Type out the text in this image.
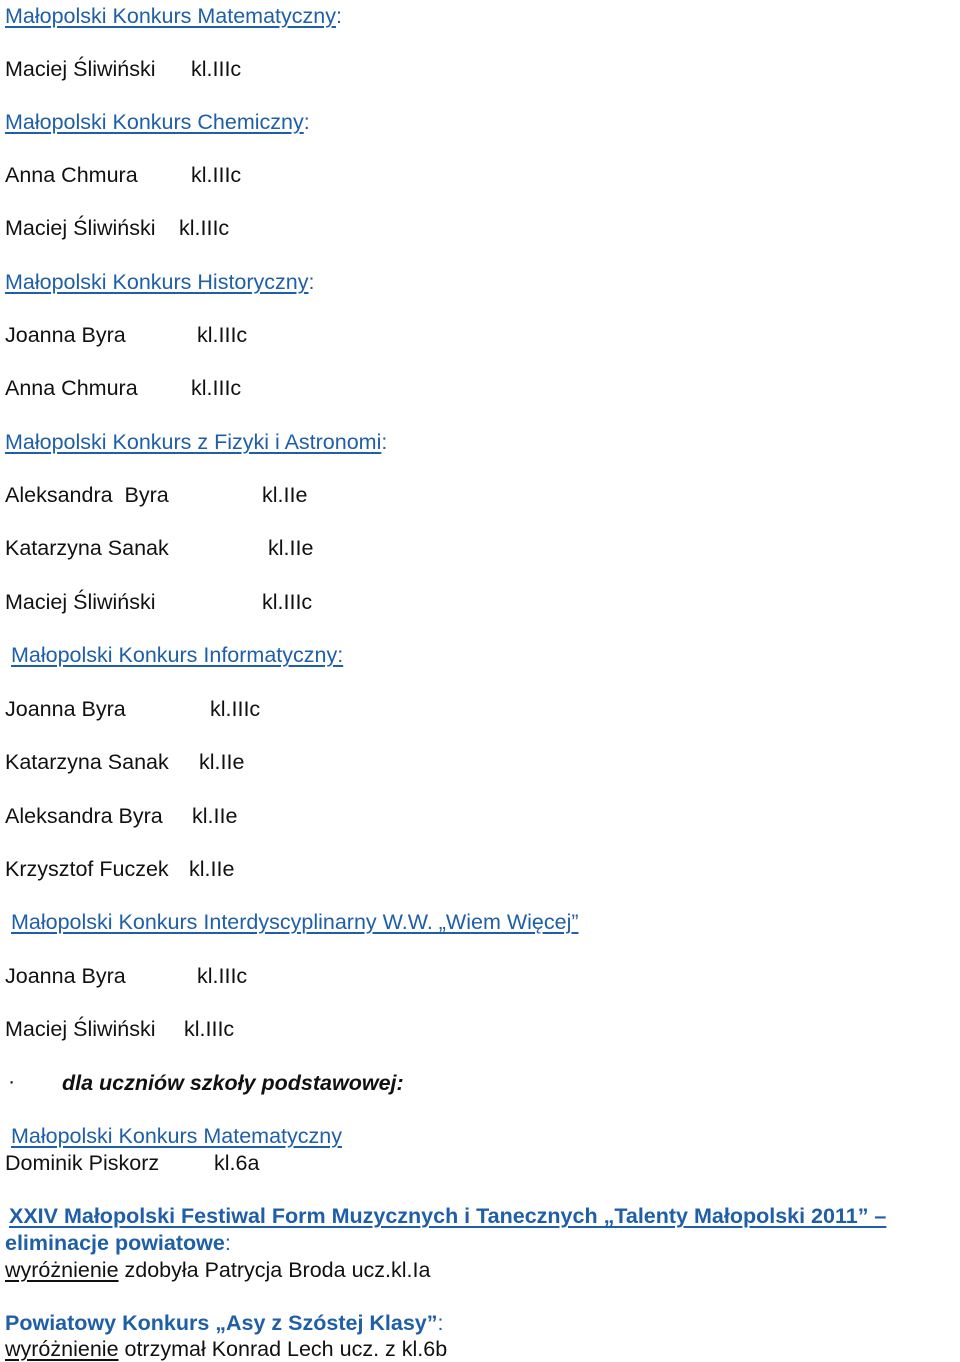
Małopolski Konkurs Matematyczny:
Maciej Śliwiński kl.IIIc
Małopolski Konkurs Chemiczny:
Anna Chmura kl.IIIc
Maciej Śliwiński kl.IIIc
Małopolski Konkurs Historyczny:
Joanna Byra	kl.IIIc
Anna Chmura kl.IIIc
Małopolski Konkurs z Fizyki i Astronomi:
Aleksandra  Byra	kl.IIe
Katarzyna Sanak	kl.IIe
Maciej Śliwiński	kl.IIIc
Małopolski Konkurs Informatyczny:
Joanna Byra	kl.IIIc
Katarzyna Sanak kl.IIe
Aleksandra Byra kl.IIe
Krzysztof Fuczek kl.IIe
Małopolski Konkurs Interdyscyplinarny W.W. „Wiem Więcej”
Joanna Byra	kl.IIIc
Maciej Śliwiński kl.IIIc
· dla uczniów szkoły podstawowej:
Małopolski Konkurs Matematyczny
Dominik Piskorz	kl.6a
XXIV Małopolski Festiwal Form Muzycznych i Tanecznych „Talenty Małopolski 2011” –
eliminacje powiatowe:
wyróżnienie zdobyła Patrycja Broda ucz.kl.Ia
Powiatowy Konkurs „Asy z Szóstej Klasy”:
wyróżnienie otrzymał Konrad Lech ucz. z kl.6b
